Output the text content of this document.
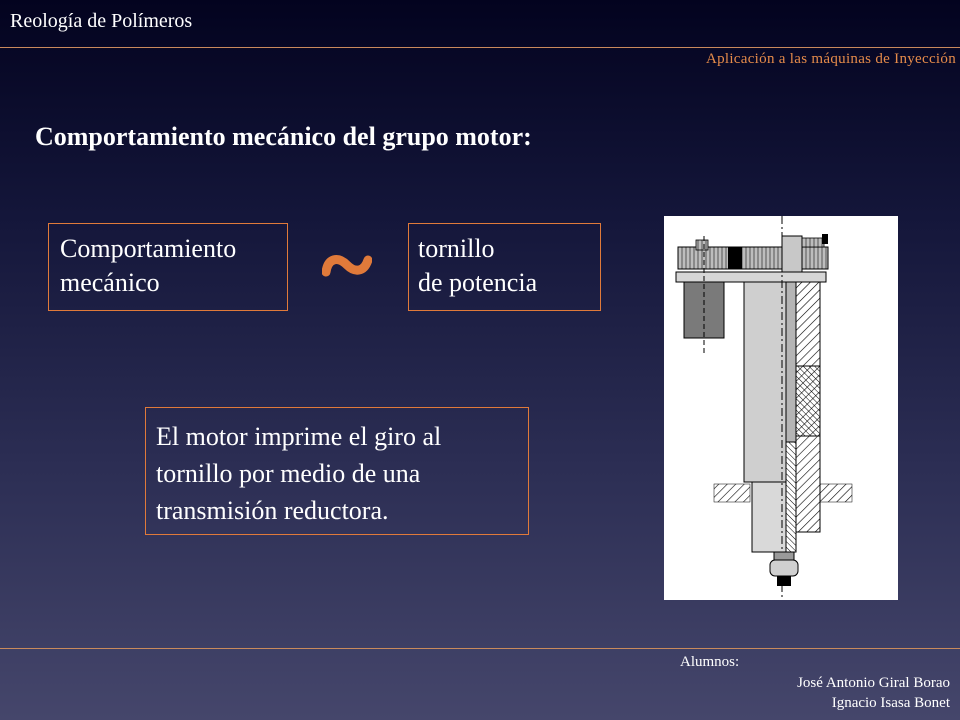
Reología de Polímeros
Aplicación a las máquinas de Inyección
Comportamiento mecánico del grupo motor:
Comportamiento
mecánico
tornillo
de potencia
El motor imprime el giro al
tornillo por medio de una
transmisión reductora.
Alumnos:
José Antonio Giral Borao
Ignacio Isasa Bonet
